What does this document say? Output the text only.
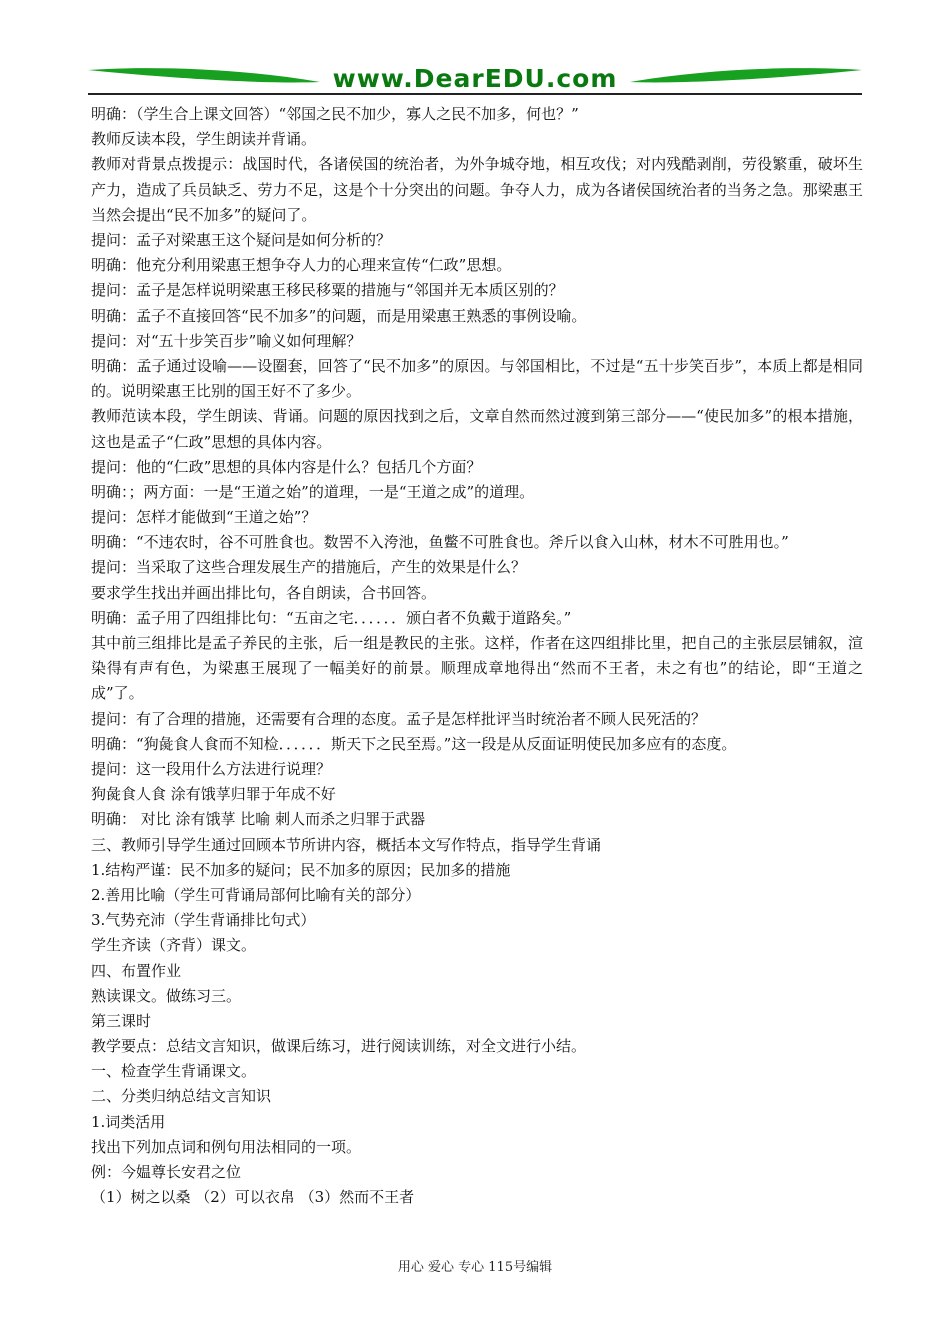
www.DearEDU.com
明确：（学生合上课文回答）“邻国之民不加少，寡人之民不加多，何也？”
教师反读本段，学生朗读并背诵。
教师对背景点拨提示：战国时代，各诸侯国的统治者，为外争城夺地，相互攻伐；对内残酷剥削，劳役繁重，破坏生产力，造成了兵员缺乏、劳力不足，这是个十分突出的问题。争夺人力，成为各诸侯国统治者的当务之急。那梁惠王当然会提出“民不加多”的疑问了。
提问：孟子对梁惠王这个疑问是如何分析的？
明确：他充分利用梁惠王想争夺人力的心理来宣传“仁政”思想。
提问：孟子是怎样说明梁惠王移民移粟的措施与“邻国并无本质区别的？
明确：孟子不直接回答“民不加多”的问题，而是用梁惠王熟悉的事例设喻。
提问：对“五十步笑百步”喻义如何理解？
明确：孟子通过设喻——设圈套，回答了“民不加多”的原因。与邻国相比，不过是“五十步笑百步”，本质上都是相同的。说明梁惠王比别的国王好不了多少。
教师范读本段，学生朗读、背诵。问题的原因找到之后，文章自然而然过渡到第三部分——“使民加多”的根本措施，这也是孟子“仁政”思想的具体内容。
提问：他的“仁政”思想的具体内容是什么？包括几个方面？
明确：；两方面：一是“王道之始”的道理，一是“王道之成”的道理。
提问：怎样才能做到“王道之始”？
明确：“不违农时，谷不可胜食也。数罟不入洿池，鱼鳖不可胜食也。斧斤以食入山林，材木不可胜用也。”
提问：当采取了这些合理发展生产的措施后，产生的效果是什么？
要求学生找出并画出排比句，各自朗读，合书回答。
明确：孟子用了四组排比句：“五亩之宅．．．．．．颁白者不负戴于道路矣。”
其中前三组排比是孟子养民的主张，后一组是教民的主张。这样，作者在这四组排比里，把自己的主张层层铺叙，渲染得有声有色，为梁惠王展现了一幅美好的前景。顺理成章地得出“然而不王者，未之有也”的结论，即“王道之成”了。
提问：有了合理的措施，还需要有合理的态度。孟子是怎样批评当时统治者不顾人民死活的？
明确：“狗彘食人食而不知检．．．．．．斯天下之民至焉。”这一段是从反面证明使民加多应有的态度。
提问：这一段用什么方法进行说理？
狗彘食人食 涂有饿莩归罪于年成不好
明确： 对比 涂有饿莩 比喻 刺人而杀之归罪于武器
三、教师引导学生通过回顾本节所讲内容，概括本文写作特点，指导学生背诵
1.结构严谨：民不加多的疑问；民不加多的原因；民加多的措施
2.善用比喻（学生可背诵局部何比喻有关的部分）
3.气势充沛（学生背诵排比句式）
学生齐读（齐背）课文。
四、布置作业
熟读课文。做练习三。
第三课时
教学要点：总结文言知识，做课后练习，进行阅读训练，对全文进行小结。
一、检查学生背诵课文。
二、分类归纳总结文言知识
1.词类活用
找出下列加点词和例句用法相同的一项。
例：今媪尊长安君之位
（1）树之以桑 （2）可以衣帛 （3）然而不王者
用心 爱心 专心 115号编辑
